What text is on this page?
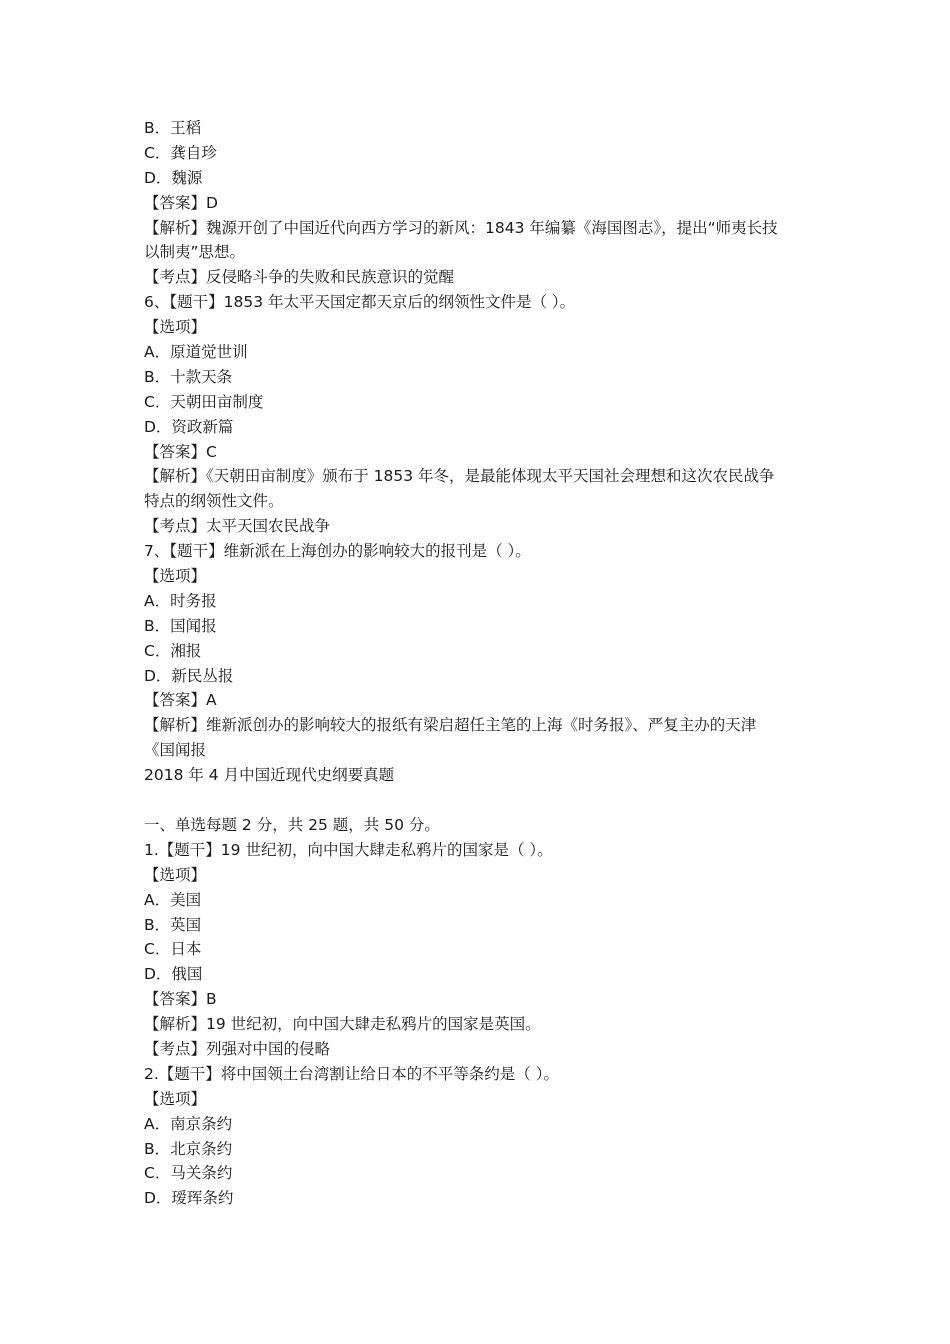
B．王稻
C．龚自珍
D．魏源
【答案】D
【解析】魏源开创了中国近代向西方学习的新风：1843 年编纂《海国图志》，提出“师夷长技
以制夷”思想。
【考点】反侵略斗争的失败和民族意识的觉醒
6、【题干】1853 年太平天国定都天京后的纲领性文件是（ ）。
【选项】
A．原道觉世训
B．十款天条
C．天朝田亩制度
D．资政新篇
【答案】C
【解析】《天朝田亩制度》颁布于 1853 年冬，是最能体现太平天国社会理想和这次农民战争
特点的纲领性文件。
【考点】太平天国农民战争
7、【题干】维新派在上海创办的影响较大的报刊是（ ）。
【选项】
A．时务报
B．国闻报
C．湘报
D．新民丛报
【答案】A
【解析】维新派创办的影响较大的报纸有梁启超任主笔的上海《时务报》、严复主办的天津
《国闻报
2018 年 4 月中国近现代史纲要真题
一、单选每题 2 分，共 25 题，共 50 分。
1.【题干】19 世纪初，向中国大肆走私鸦片的国家是（ ）。
【选项】
A．美国
B．英国
C．日本
D．俄国
【答案】B
【解析】19 世纪初，向中国大肆走私鸦片的国家是英国。
【考点】列强对中国的侵略
2.【题干】将中国领土台湾割让给日本的不平等条约是（ ）。
【选项】
A．南京条约
B．北京条约
C．马关条约
D．瑷珲条约
